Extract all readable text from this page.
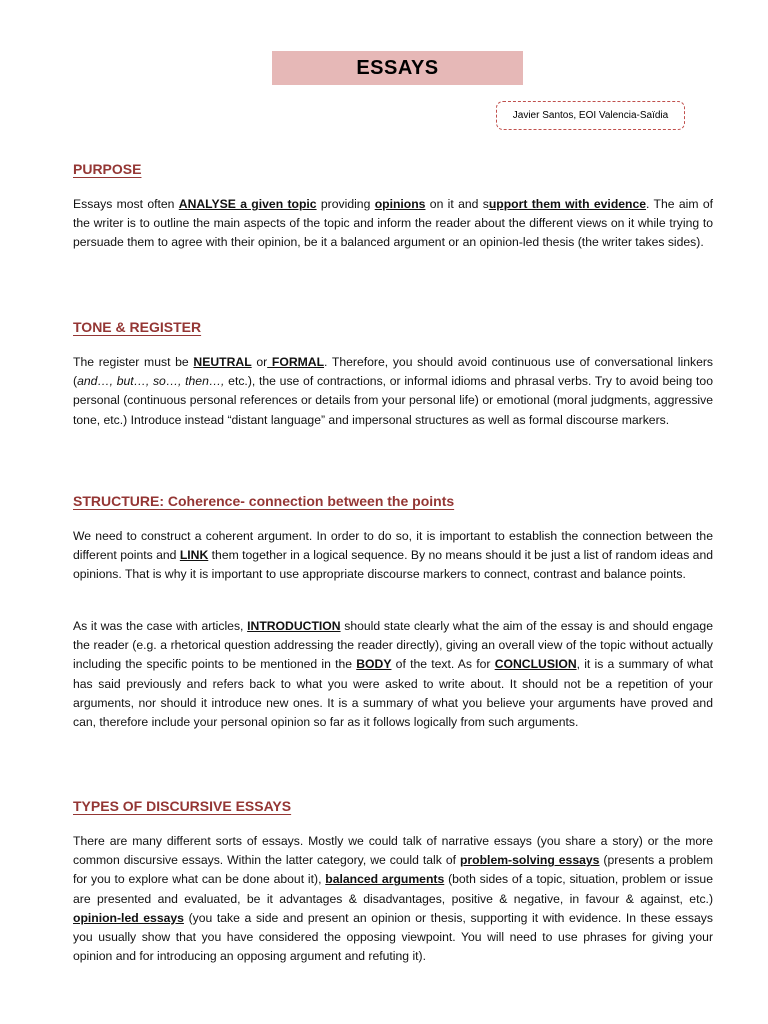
ESSAYS
Javier Santos, EOI Valencia-Saïdia
PURPOSE

Essays most often ANALYSE a given topic providing opinions on it and support them with evidence. The aim of the writer is to outline the main aspects of the topic and inform the reader about the different views on it while trying to persuade them to agree with their opinion, be it a balanced argument or an opinion-led thesis (the writer takes sides).

TONE & REGISTER

The register must be NEUTRAL or FORMAL. Therefore, you should avoid continuous use of conversational linkers (and…, but…, so…, then…, etc.), the use of contractions, or informal idioms and phrasal verbs. Try to avoid being too personal (continuous personal references or details from your personal life) or emotional (moral judgments, aggressive tone, etc.) Introduce instead “distant language” and impersonal structures as well as formal discourse markers.

STRUCTURE: Coherence- connection between the points

We need to construct a coherent argument. In order to do so, it is important to establish the connection between the different points and LINK them together in a logical sequence. By no means should it be just a list of random ideas and opinions. That is why it is important to use appropriate discourse markers to connect, contrast and balance points.

As it was the case with articles, INTRODUCTION should state clearly what the aim of the essay is and should engage the reader (e.g. a rhetorical question addressing the reader directly), giving an overall view of the topic without actually including the specific points to be mentioned in the BODY of the text. As for CONCLUSION, it is a summary of what has said previously and refers back to what you were asked to write about. It should not be a repetition of your arguments, nor should it introduce new ones. It is a summary of what you believe your arguments have proved and can, therefore include your personal opinion so far as it follows logically from such arguments.

TYPES OF DISCURSIVE ESSAYS

There are many different sorts of essays. Mostly we could talk of narrative essays (you share a story) or the more common discursive essays. Within the latter category, we could talk of problem-solving essays (presents a problem for you to explore what can be done about it), balanced arguments (both sides of a topic, situation, problem or issue are presented and evaluated, be it advantages & disadvantages, positive & negative, in favour & against, etc.) opinion-led essays (you take a side and present an opinion or thesis, supporting it with evidence. In these essays you usually show that you have considered the opposing viewpoint. You will need to use phrases for giving your opinion and for introducing an opposing argument and refuting it).
